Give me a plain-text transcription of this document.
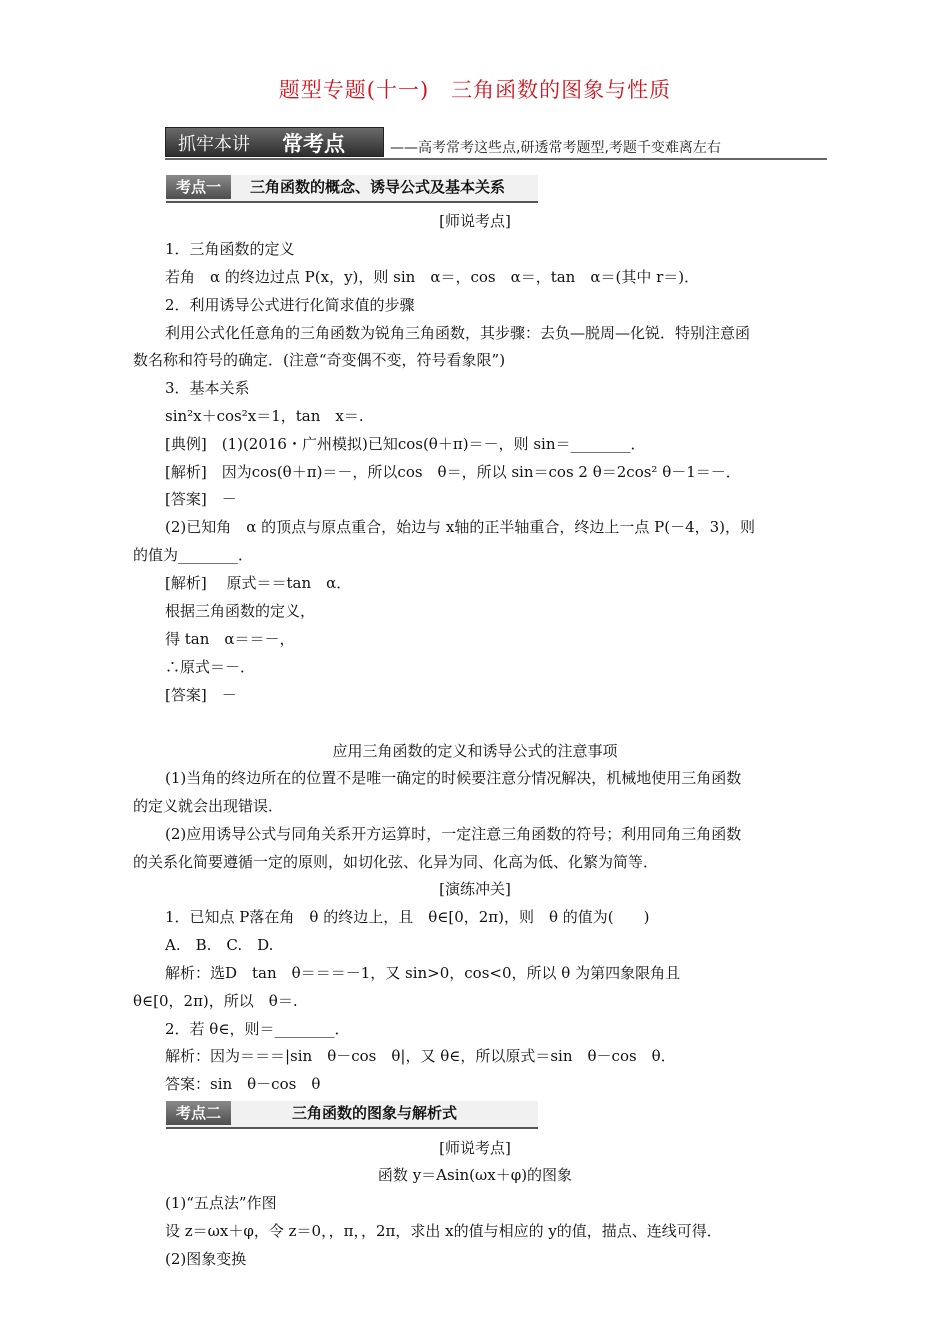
题型专题(十一)　三角函数的图象与性质
抓牢本讲 常考点	——高考常考这些点,研透常考题型,考题千变难离左右
考点一	三角函数的概念、诱导公式及基本关系
[师说考点]
1．三角函数的定义
若角　α 的终边过点 P(x，y)，则 sin　α＝，cos　α＝，tan　α＝(其中 r＝)．
2．利用诱导公式进行化简求值的步骤
利用公式化任意角的三角函数为锐角三角函数，其步骤：去负—脱周—化锐．特别注意函
数名称和符号的确定．(注意“奇变偶不变，符号看象限”)
3．基本关系
sin²x＋cos²x＝1，tan　x＝.
[典例]　(1)(2016・广州模拟)已知cos(θ＋π)＝－，则 sin＝________．
[解析]　因为cos(θ＋π)＝－，所以cos　θ＝，所以 sin＝cos 2 θ＝2cos² θ－1＝－．
[答案]　－
(2)已知角　α 的顶点与原点重合，始边与 x轴的正半轴重合，终边上一点 P(－4，3)，则
的值为________．
[解析]　 原式＝＝tan　α．
根据三角函数的定义，
得 tan　α＝＝－，
∴原式＝－．
[答案]　－
应用三角函数的定义和诱导公式的注意事项
(1)当角的终边所在的位置不是唯一确定的时候要注意分情况解决，机械地使用三角函数
的定义就会出现错误．
(2)应用诱导公式与同角关系开方运算时，一定注意三角函数的符号；利用同角三角函数
的关系化简要遵循一定的原则，如切化弦、化异为同、化高为低、化繁为简等．
[演练冲关]
1．已知点 P落在角　θ 的终边上，且　θ∈[0，2π)，则　θ 的值为(　　)
A.　B.　C.　D.
解析：选D　tan　θ＝＝＝－1，又 sin>0，cos<0，所以 θ 为第四象限角且
θ∈[0，2π)，所以　θ＝.
2．若 θ∈，则＝________．
解析：因为＝＝＝|sin　θ－cos　θ|，又 θ∈，所以原式＝sin　θ－cos　θ．
答案：sin　θ－cos　θ
考点二	三角函数的图象与解析式
[师说考点]
函数 y＝Asin(ωx＋φ)的图象
(1)“五点法”作图
设 z＝ωx＋φ，令 z＝0，，π，，2π，求出 x的值与相应的 y的值，描点、连线可得．
(2)图象变换
